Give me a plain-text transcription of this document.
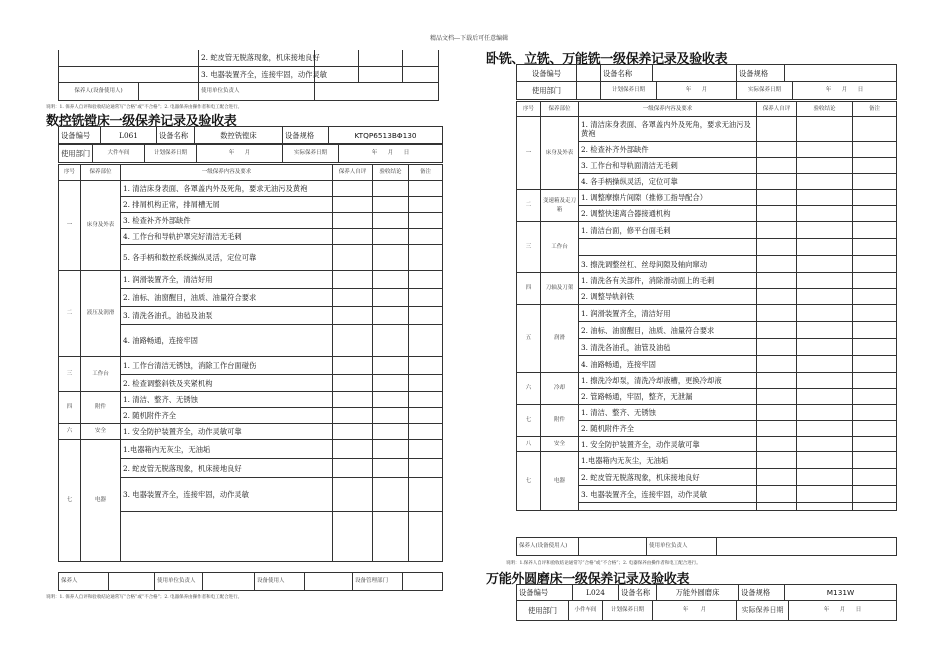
精品文档---下载后可任意编辑
		2. 蛇皮管无脱落现象，机床接地良好			
		3. 电器装置齐全，连接牢固，动作灵敏			
保养人(设备使用人)		使用单位负责人			
说明：1. 保养人自评和验收结论通常写“合格”或“不合格”；2. 电器保养由操作者和电工配合进行。
数控铣镗床一级保养记录及验收表
设备编号	L061	设备名称	数控铣镗床	设备规格	KTQP6513BΦ130
使用部门	大件车间	计划保养日期	年 月	实际保养日期	年 月 日
序号	保养部位	一级保养内容及要求	保养人自评	验收结论	备注
一	床身及外表	1. 清洁床身表面、各罩盖内外及死角，要求无油污及黄袍			
		2. 排屑机构正常，排屑槽无屑			
		3. 检查补齐外部缺件			
		4. 工作台和导轨护罩完好清洁无毛刺			
		5. 各手柄和数控系统操纵灵活，定位可靠			
二	液压及润滑	1. 润滑装置齐全，清洁好用			
		2. 油标、油窗醒目，油质、油量符合要求			
		3. 清洗各油孔，油毡及油泵			
		4. 油路畅通，连接牢固			
三	工作台	1. 工作台清洁无锈蚀，消除工作台面碰伤			
		2. 检查调整斜铁及夹紧机构			
四	附件	1. 清洁、整齐、无锈蚀			
		2. 随机附件齐全			
六	安全	1. 安全防护装置齐全，动作灵敏可靠			
七	电器	1.电器箱内无灰尘，无油垢			
		2. 蛇皮管无脱落现象，机床接地良好			
		3. 电器装置齐全，连接牢固，动作灵敏			

保养人		使用单位负责人		设备使用人		设备管理部门	
说明：1. 保养人自评和验收结论通常写“合格”或“不合格”；2. 电器保养由操作者和电工配合进行。
卧铣、立铣、万能铣一级保养记录及验收表
设备编号		设备名称		设备规格	
使用部门		计划保养日期	年 月	实际保养日期	年 月 日
序号	保养部位	一级保养内容及要求	保养人自评	验收结论	备注
一	床身及外表	1. 清洁床身表面、各罩盖内外及死角，要求无油污及黄袍			
		2. 检查补齐外部缺件			
		3. 工作台和导轨面清洁无毛刺			
		4. 各手柄操纵灵活，定位可靠			
二	变速箱及走刀箱	1. 调整摩擦片间隙（推修工指导配合）			
		2. 调整快速离合器接通机构			
三	工作台	1. 清洁台面，修平台面毛刺			

		3. 擦洗调整丝杠、丝母间隙及轴向窜动			
四	刀轴及刀架	1. 清洗各有关部件，消除滑动面上的毛刺			
		2. 调整导轨斜铁			
五	润滑	1. 润滑装置齐全，清洁好用			
		2. 油标、油窗醒目，油质、油量符合要求			
		3. 清洗各油孔，油管及油毡			
		4. 油路畅通，连接牢固			
六	冷却	1. 擦洗冷却泵，清洗冷却液槽，更换冷却液			
		2. 管路畅通，牢固，整齐，无泄漏			
七	附件	1. 清洁、整齐、无锈蚀			
		2. 随机附件齐全			
八	安全	1. 安全防护装置齐全，动作灵敏可靠			
七	电器	1.电器箱内无灰尘，无油垢			
		2. 蛇皮管无脱落现象，机床接地良好			
		3. 电器装置齐全，连接牢固，动作灵敏			

保养人(设备使用人)		使用单位负责人	
说明：1.保养人自评和验收结论通常写“合格”或“不合格”；2. 电器保养由操作者和电工配合进行。
万能外圆磨床一级保养记录及验收表
设备编号	L024	设备名称	万能外圆磨床	设备规格	M131W
使用部门	小件车间	计划保养日期	年 月	实际保养日期	年 月 日
